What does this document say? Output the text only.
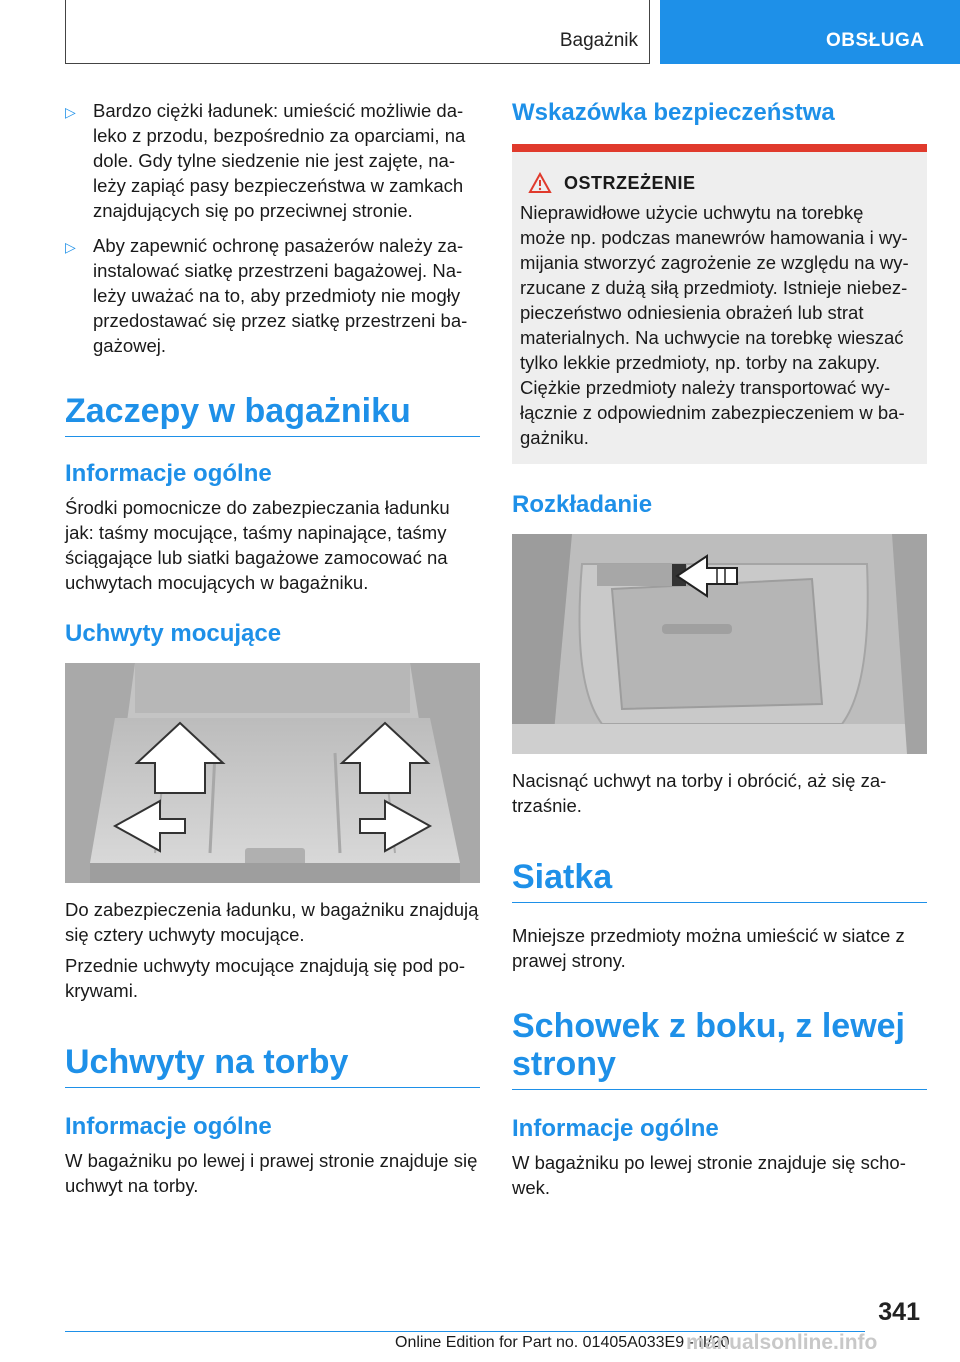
Bagażnik	OBSŁUGA
▷ Bardzo ciężki ładunek: umieścić możliwie daleko z przodu, bezpośrednio za oparciami, na dole. Gdy tylne siedzenie nie jest zajęte, należy zapiąć pasy bezpieczeństwa w zamkach znajdujących się po przeciwnej stronie.
▷ Aby zapewnić ochronę pasażerów należy zainstalować siatkę przestrzeni bagażowej. Należy uważać na to, aby przedmioty nie mogły przedostawać się przez siatkę przestrzeni bagażowej.
Zaczepy w bagażniku
Informacje ogólne
Środki pomocnicze do zabezpieczania ładunku jak: taśmy mocujące, taśmy napinające, taśmy ściągające lub siatki bagażowe zamocować na uchwytach mocujących w bagażniku.
Uchwyty mocujące
Do zabezpieczenia ładunku, w bagażniku znajdują się cztery uchwyty mocujące.
Przednie uchwyty mocujące znajdują się pod pokrywami.
Uchwyty na torby
Informacje ogólne
W bagażniku po lewej i prawej stronie znajduje się uchwyt na torby.
Wskazówka bezpieczeństwa
OSTRZEŻENIE
Nieprawidłowe użycie uchwytu na torebkę może np. podczas manewrów hamowania i wymijania stworzyć zagrożenie ze względu na wyrzucane z dużą siłą przedmioty. Istnieje niebezpieczeństwo odniesienia obrażeń lub strat materialnych. Na uchwycie na torebkę wieszać tylko lekkie przedmioty, np. torby na zakupy. Ciężkie przedmioty należy transportować wyłącznie z odpowiednim zabezpieczeniem w bagażniku.
Rozkładanie
Nacisnąć uchwyt na torby i obrócić, aż się zatrzaśnie.
Siatka
Mniejsze przedmioty można umieścić w siatce z prawej strony.
Schowek z boku, z lewej strony
Informacje ogólne
W bagażniku po lewej stronie znajduje się schowek.
341
Online Edition for Part no. 01405A033E9 - II/20
manualsonline.info
